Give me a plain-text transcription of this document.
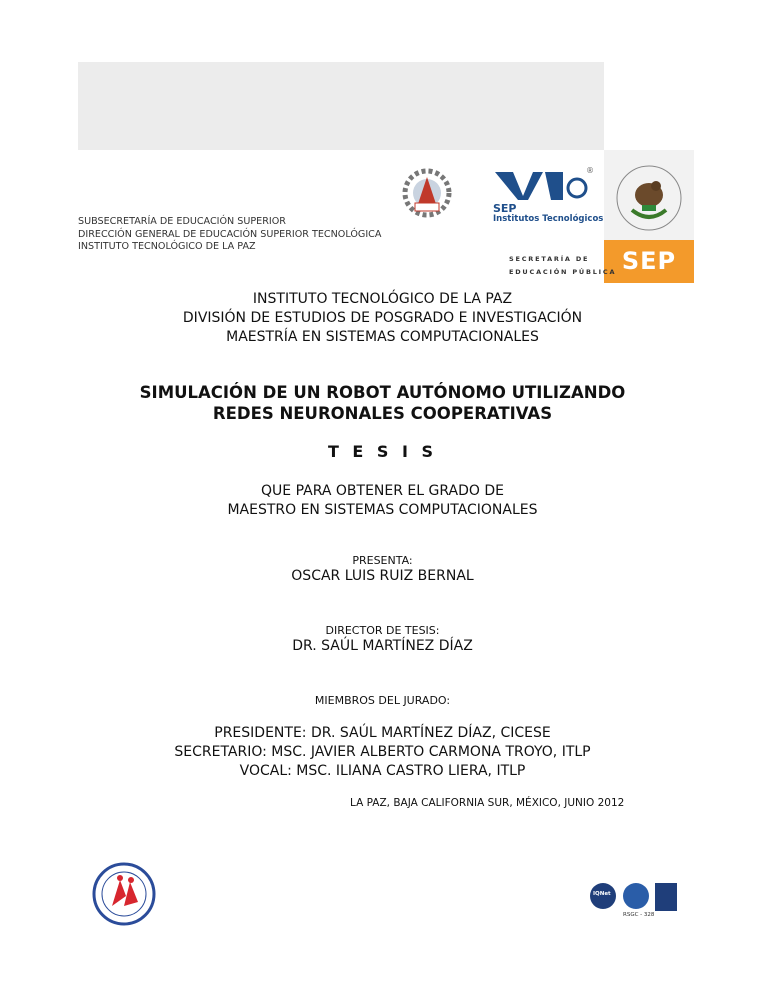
SEP
SEP
Institutos Tecnológicos
®
SUBSECRETARÍA DE EDUCACIÓN SUPERIOR
DIRECCIÓN GENERAL DE EDUCACIÓN SUPERIOR TECNOLÓGICA
INSTITUTO TECNOLÓGICO DE LA PAZ
SECRETARÍA DE
EDUCACIÓN PÚBLICA
INSTITUTO TECNOLÓGICO DE LA PAZ
DIVISIÓN DE ESTUDIOS DE POSGRADO E INVESTIGACIÓN
MAESTRÍA EN SISTEMAS COMPUTACIONALES
SIMULACIÓN DE UN ROBOT AUTÓNOMO UTILIZANDO
REDES NEURONALES COOPERATIVAS
T E S I S
QUE PARA OBTENER EL GRADO DE
MAESTRO EN SISTEMAS COMPUTACIONALES
PRESENTA:
OSCAR LUIS RUIZ BERNAL
DIRECTOR DE TESIS:
DR. SAÚL MARTÍNEZ DÍAZ
MIEMBROS DEL JURADO:
PRESIDENTE: DR. SAÚL MARTÍNEZ DÍAZ, CICESE
SECRETARIO: MSC. JAVIER ALBERTO CARMONA TROYO, ITLP
VOCAL: MSC. ILIANA CASTRO LIERA, ITLP
LA PAZ, BAJA CALIFORNIA SUR, MÉXICO, JUNIO 2012
IQNet
RSGC - 328
